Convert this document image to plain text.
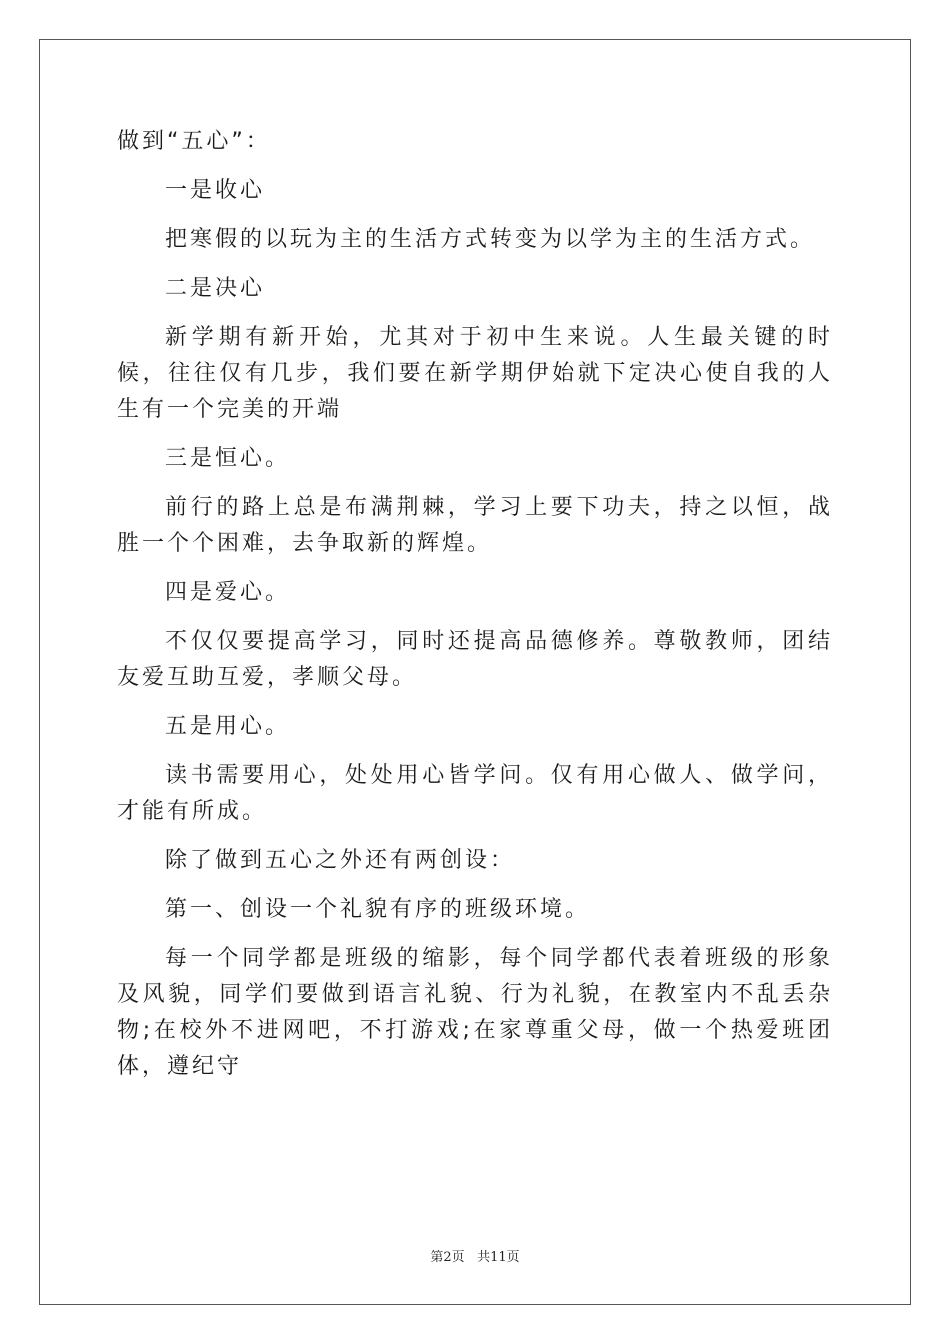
做到“五心”：

一是收心

把寒假的以玩为主的生活方式转变为以学为主的生活方式。

二是决心

新学期有新开始，尤其对于初中生来说。人生最关键的时候，往往仅有几步，我们要在新学期伊始就下定决心使自我的人生有一个完美的开端

三是恒心。

前行的路上总是布满荆棘，学习上要下功夫，持之以恒，战胜一个个困难，去争取新的辉煌。

四是爱心。

不仅仅要提高学习，同时还提高品德修养。尊敬教师，团结友爱互助互爱，孝顺父母。

五是用心。

读书需要用心，处处用心皆学问。仅有用心做人、做学问，才能有所成。

除了做到五心之外还有两创设：

第一、创设一个礼貌有序的班级环境。

每一个同学都是班级的缩影，每个同学都代表着班级的形象及风貌，同学们要做到语言礼貌、行为礼貌，在教室内不乱丢杂物;在校外不进网吧，不打游戏;在家尊重父母，做一个热爱班团体，遵纪守

第2页 共11页
